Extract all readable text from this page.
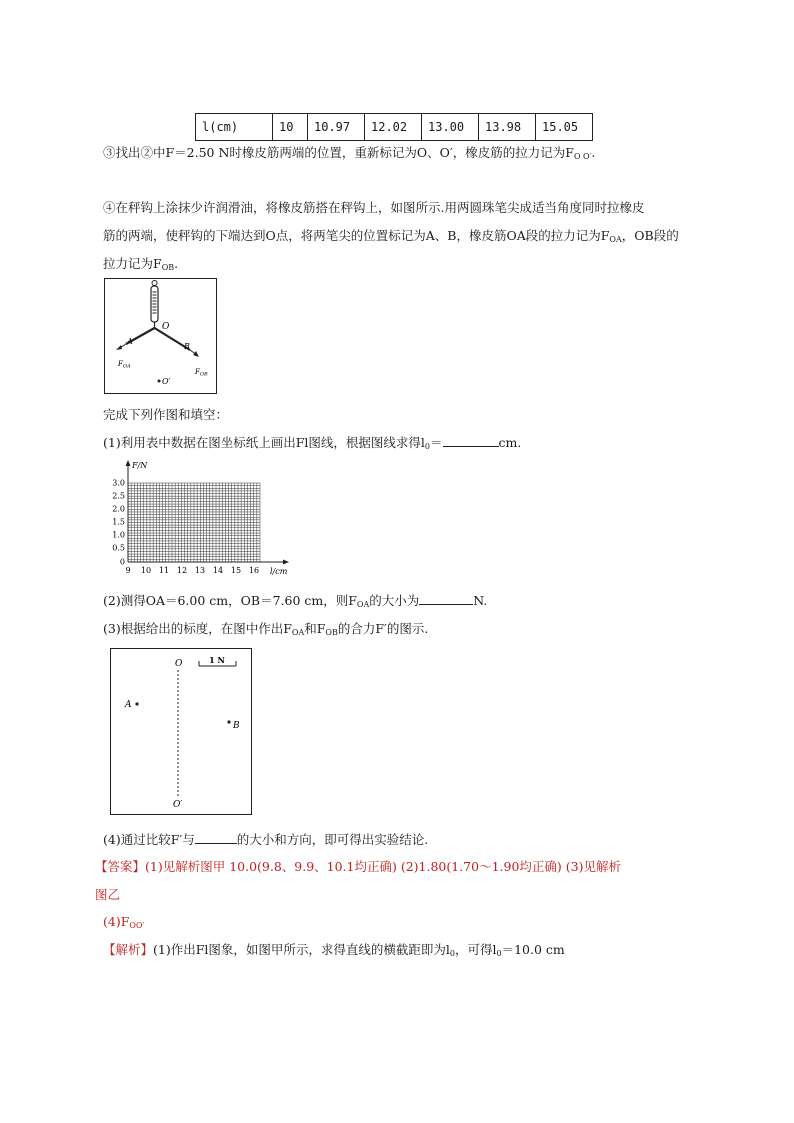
l(cm)	10	10.97	12.02	13.00	13.98	15.05
③找出②中F＝2.50 N时橡皮筋两端的位置，重新标记为O、O′，橡皮筋的拉力记为$F_{O O'}$.
④在秤钩上涂抹少许润滑油，将橡皮筋搭在秤钩上，如图所示.用两圆珠笔尖成适当角度同时拉橡皮
筋的两端，使秤钩的下端达到O点，将两笔尖的位置标记为A、B，橡皮筋OA段的拉力记为$F_{OA}$，OB段的
拉力记为$F_{OB}$.
O
A
B
$F_{OA}$
$F_{OB}$
O′
完成下列作图和填空：
(1)利用表中数据在图坐标纸上画出Fl图线，根据图线求得$l_0=$	cm.
F/N
l/cm
3.0
2.5
2.0
1.5
1.0
0.5
0
9 10 11 12 13 14 15 16
(2)测得OA＝6.00 cm，OB＝7.60 cm，则$F_{OA}$的大小为	N.
(3)根据给出的标度，在图中作出$F_{OA}$和$F_{OB}$的合力F′的图示.
O	1 N
A
B
O′
(4)通过比较F′与	的大小和方向，即可得出实验结论.
【答案】(1)见解析图甲 10.0(9.8、9.9、10.1均正确) (2)1.80(1.70～1.90均正确) (3)见解析
图乙
$(4)F_{OO'}$
【解析】(1)作出Fl图象，如图甲所示，求得直线的横截距即为$l_0$，可得$l_0=10.0$ cm
